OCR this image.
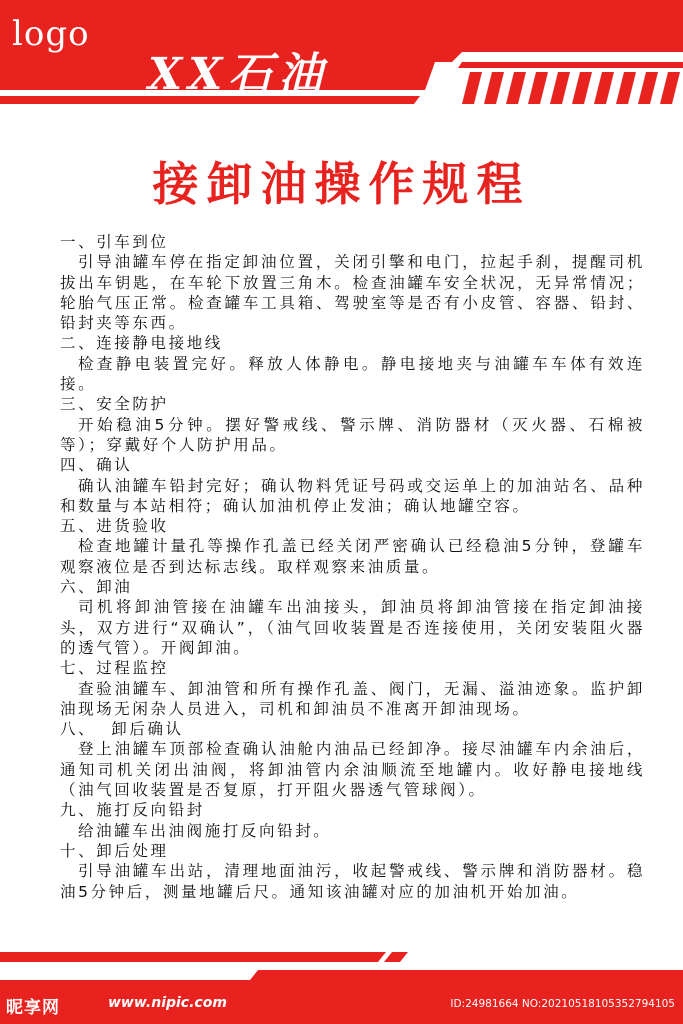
logo
XX石油
接卸油操作规程
一、引车到位
引导油罐车停在指定卸油位置，关闭引擎和电门，拉起手刹，提醒司机拔出车钥匙，在车轮下放置三角木。检查油罐车安全状况，无异常情况；轮胎气压正常。检查罐车工具箱、驾驶室等是否有小皮管、容器、铅封、铅封夹等东西。
二、连接静电接地线
检查静电装置完好。释放人体静电。静电接地夹与油罐车车体有效连接。
三、安全防护
开始稳油5分钟。摆好警戒线、警示牌、消防器材（灭火器、石棉被等）；穿戴好个人防护用品。
四、确认
确认油罐车铅封完好；确认物料凭证号码或交运单上的加油站名、品种和数量与本站相符；确认加油机停止发油；确认地罐空容。
五、进货验收
检查地罐计量孔等操作孔盖已经关闭严密确认已经稳油5分钟，登罐车观察液位是否到达标志线。取样观察来油质量。
六、卸油
司机将卸油管接在油罐车出油接头，卸油员将卸油管接在指定卸油接头，双方进行“双确认”，（油气回收装置是否连接使用，关闭安装阻火器的透气管）。开阀卸油。
七、过程监控
查验油罐车、卸油管和所有操作孔盖、阀门，无漏、溢油迹象。监护卸油现场无闲杂人员进入，司机和卸油员不准离开卸油现场。
八、  卸后确认
登上油罐车顶部检查确认油舱内油品已经卸净。接尽油罐车内余油后，通知司机关闭出油阀，将卸油管内余油顺流至地罐内。收好静电接地线（油气回收装置是否复原，打开阻火器透气管球阀）。
九、施打反向铅封
给油罐车出油阀施打反向铅封。
十、卸后处理
引导油罐车出站，清理地面油污，收起警戒线、警示牌和消防器材。稳油5分钟后，测量地罐后尺。通知该油罐对应的加油机开始加油。
昵享网	www.nipic.com	ID:24981664 NO:20210518105352794105
